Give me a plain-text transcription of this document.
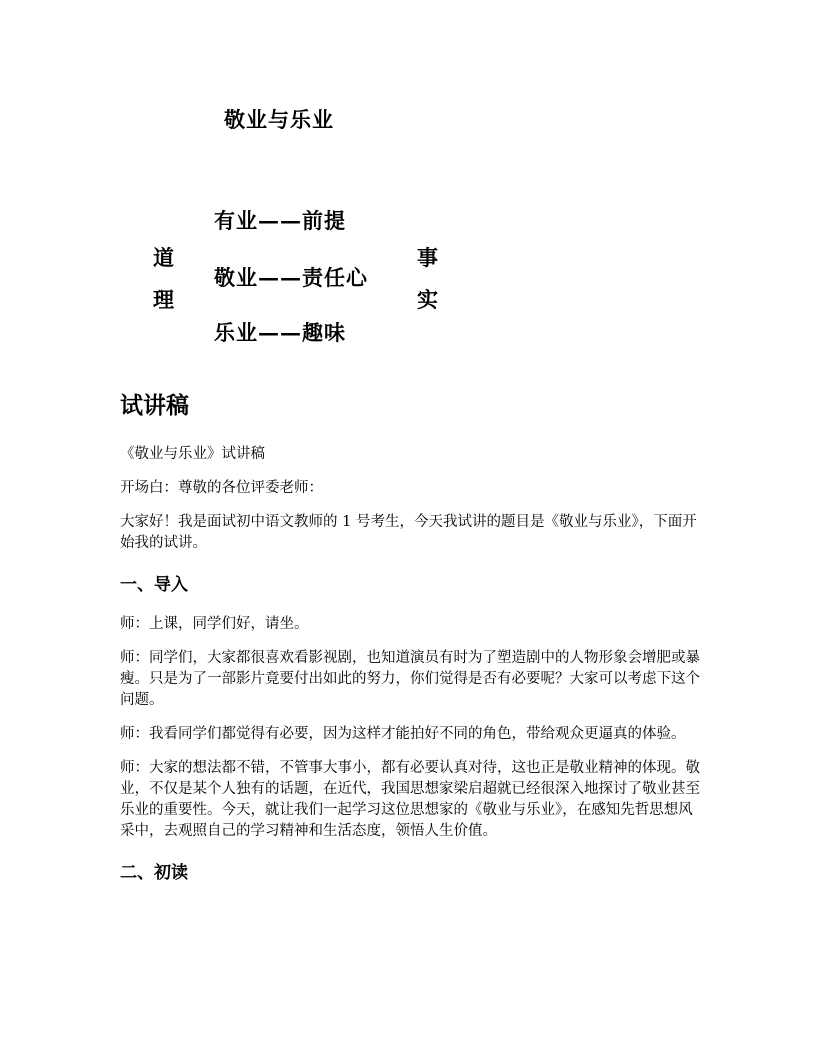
敬业与乐业
有业——前提
敬业——责任心
乐业——趣味
道
理
事
实
试讲稿

《敬业与乐业》试讲稿

开场白：尊敬的各位评委老师：

大家好！我是面试初中语文教师的 1 号考生，今天我试讲的题目是《敬业与乐业》，下面开始我的试讲。

一、导入

师：上课，同学们好，请坐。

师：同学们，大家都很喜欢看影视剧，也知道演员有时为了塑造剧中的人物形象会增肥或暴瘦。只是为了一部影片竟要付出如此的努力，你们觉得是否有必要呢？大家可以考虑下这个问题。

师：我看同学们都觉得有必要，因为这样才能拍好不同的角色，带给观众更逼真的体验。

师：大家的想法都不错，不管事大事小，都有必要认真对待，这也正是敬业精神的体现。敬业，不仅是某个人独有的话题，在近代，我国思想家梁启超就已经很深入地探讨了敬业甚至乐业的重要性。今天，就让我们一起学习这位思想家的《敬业与乐业》，在感知先哲思想风采中，去观照自己的学习精神和生活态度，领悟人生价值。

二、初读
